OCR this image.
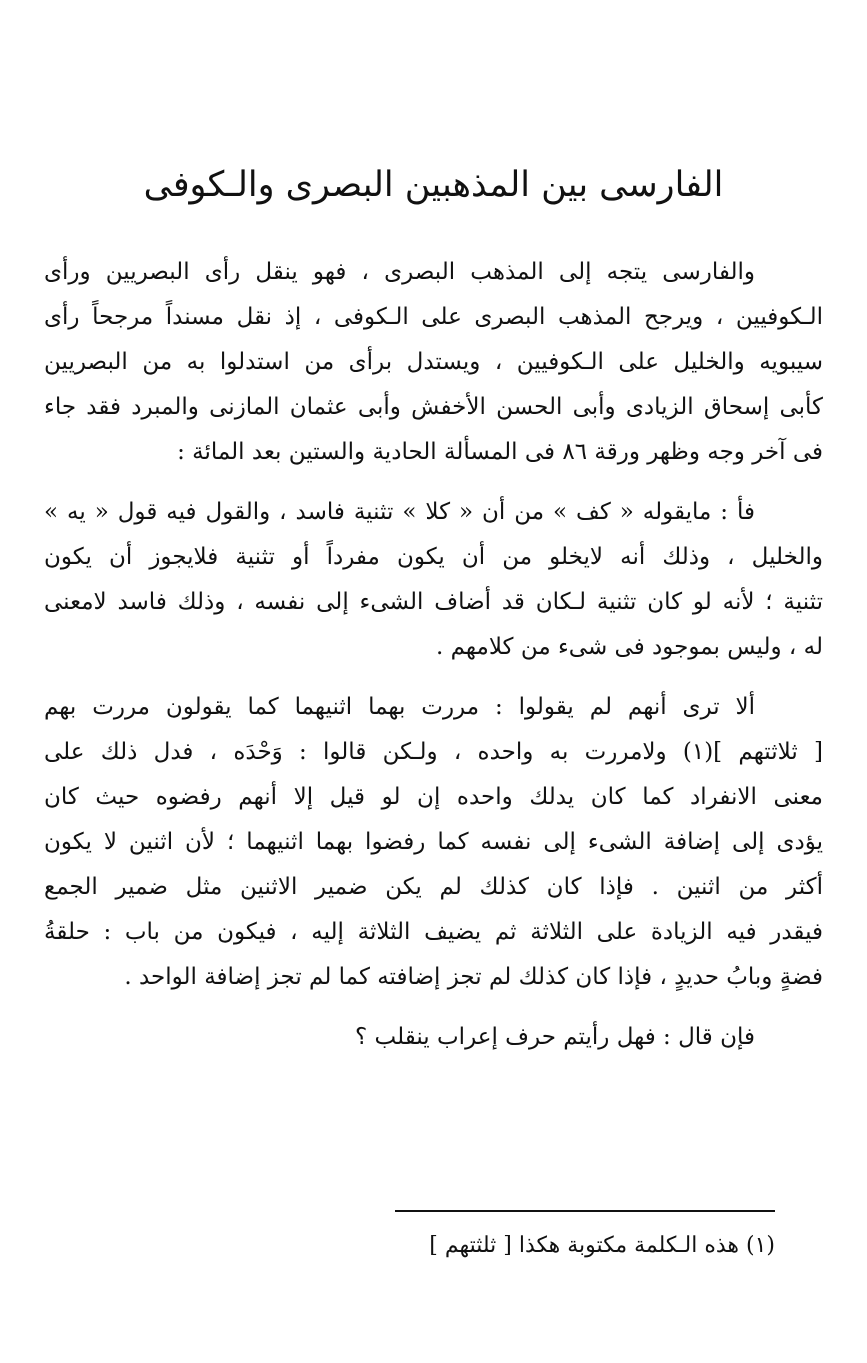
الفارسى بين المذهبين البصرى والـكوفى

والفارسى يتجه إلى المذهب البصرى ، فهو ينقل رأى البصريين ورأى
الـكوفيين ، ويرجح المذهب البصرى على الـكوفى ، إذ نقل مسنداً مرجحاً رأى
سيبويه والخليل على الـكوفيين ، ويستدل برأى من استدلوا به من البصريين
كأبى إسحاق الزيادى وأبى الحسن الأخفش وأبى عثمان المازنى والمبرد فقد جاء
فى آخر وجه وظهر ورقة ٨٦ فى المسألة الحادية والستين بعد المائة :

فأ : مايقوله « كف » من أن « كلا » تثنية فاسد ، والقول فيه قول « يه »
والخليل ، وذلك أنه لايخلو من أن يكون مفرداً أو تثنية فلايجوز أن يكون
تثنية ؛ لأنه لو كان تثنية لـكان قد أضاف الشىء إلى نفسه ، وذلك فاسد لامعنى
له ، وليس بموجود فى شىء من كلامهم .

ألا ترى أنهم لم يقولوا : مررت بهما اثنيهما كما يقولون مررت بهم
[ ثلاثتهم ](١) ولامررت به واحده ، ولـكن قالوا : وَحْدَه ، فدل ذلك على
معنى الانفراد كما كان يدلك واحده إن لو قيل إلا أنهم رفضوه حيث كان
يؤدى إلى إضافة الشىء إلى نفسه كما رفضوا بهما اثنيهما ؛ لأن اثنين لا يكون
أكثر من اثنين . فإذا كان كذلك لم يكن ضمير الاثنين مثل ضمير الجمع
فيقدر فيه الزيادة على الثلاثة ثم يضيف الثلاثة إليه ، فيكون من باب : حلقةُ
فضةٍ وبابُ حديدٍ ، فإذا كان كذلك لم تجز إضافته كما لم تجز إضافة الواحد .

فإن قال : فهل رأيتم حرف إعراب ينقلب ؟

(١) هذه الـكلمة مكتوبة هكذا [ ثلثتهم ]
